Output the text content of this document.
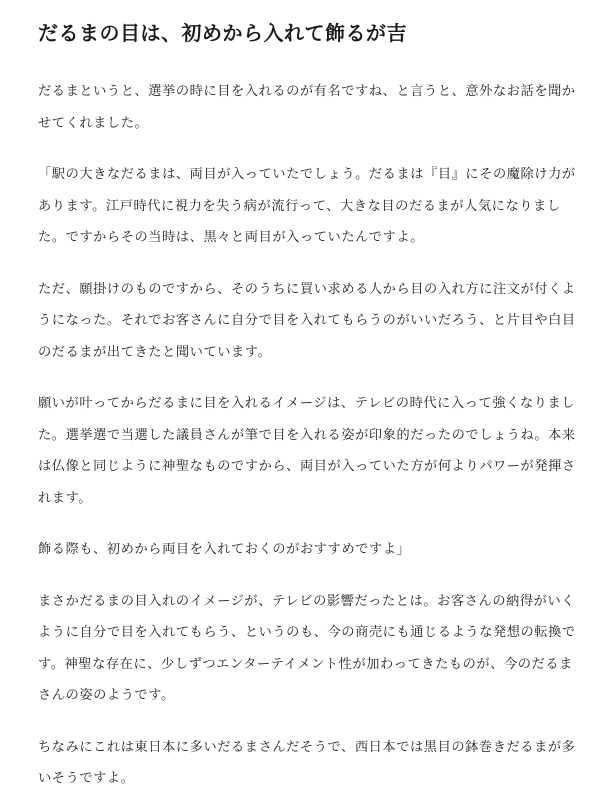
だるまの目は、初めから入れて飾るが吉

だるまというと、選挙の時に目を入れるのが有名ですね、と言うと、意外なお話を聞かせてくれました。

「駅の大きなだるまは、両目が入っていたでしょう。だるまは『目』にその魔除け力があります。江戸時代に視力を失う病が流行って、大きな目のだるまが人気になりました。ですからその当時は、黒々と両目が入っていたんですよ。

ただ、願掛けのものですから、そのうちに買い求める人から目の入れ方に注文が付くようになった。それでお客さんに自分で目を入れてもらうのがいいだろう、と片目や白目のだるまが出てきたと聞いています。

願いが叶ってからだるまに目を入れるイメージは、テレビの時代に入って強くなりました。選挙選で当選した議員さんが筆で目を入れる姿が印象的だったのでしょうね。本来は仏像と同じように神聖なものですから、両目が入っていた方が何よりパワーが発揮されます。

飾る際も、初めから両目を入れておくのがおすすめですよ」

まさかだるまの目入れのイメージが、テレビの影響だったとは。お客さんの納得がいくように自分で目を入れてもらう、というのも、今の商売にも通じるような発想の転換です。神聖な存在に、少しずつエンターテイメント性が加わってきたものが、今のだるまさんの姿のようです。

ちなみにこれは東日本に多いだるまさんだそうで、西日本では黒目の鉢巻きだるまが多いそうですよ。
